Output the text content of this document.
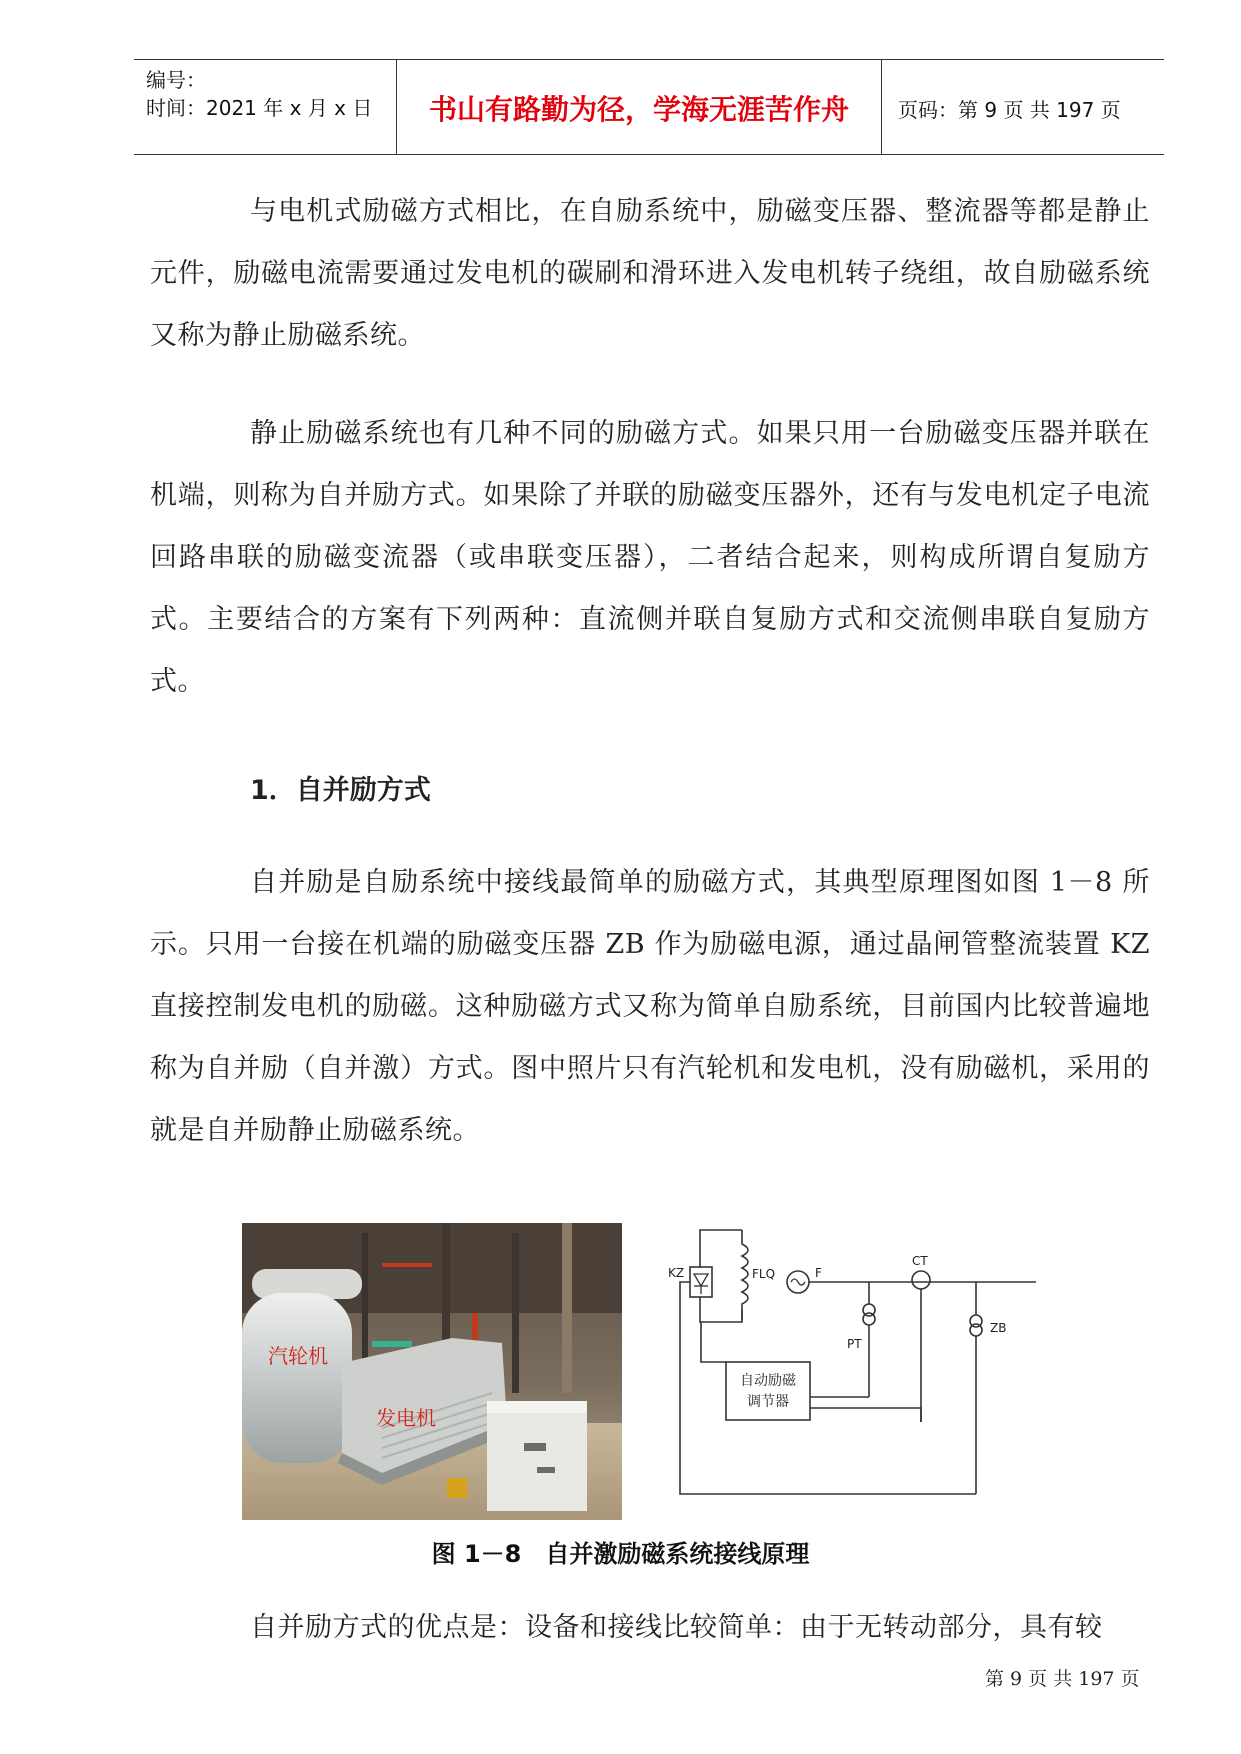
编号：
时间：2021 年 x 月 x 日	书山有路勤为径，学海无涯苦作舟	页码：第 9 页 共 197 页
与电机式励磁方式相比，在自励系统中，励磁变压器、整流器等都是静止元件，励磁电流需要通过发电机的碳刷和滑环进入发电机转子绕组，故自励磁系统又称为静止励磁系统。
静止励磁系统也有几种不同的励磁方式。如果只用一台励磁变压器并联在机端，则称为自并励方式。如果除了并联的励磁变压器外，还有与发电机定子电流回路串联的励磁变流器（或串联变压器），二者结合起来，则构成所谓自复励方式。主要结合的方案有下列两种：直流侧并联自复励方式和交流侧串联自复励方式。
1．自并励方式
自并励是自励系统中接线最简单的励磁方式，其典型原理图如图 1－8 所示。只用一台接在机端的励磁变压器 ZB 作为励磁电源，通过晶闸管整流装置 KZ 直接控制发电机的励磁。这种励磁方式又称为简单自励系统，目前国内比较普遍地称为自并励（自并激）方式。图中照片只有汽轮机和发电机，没有励磁机，采用的就是自并励静止励磁系统。
汽轮机
发电机
KZ	FLQ	F
CT
PT
ZB
自动励磁
调节器
图 1－8　自并激励磁系统接线原理
自并励方式的优点是：设备和接线比较简单：由于无转动部分，具有较
第 9 页 共 197 页
